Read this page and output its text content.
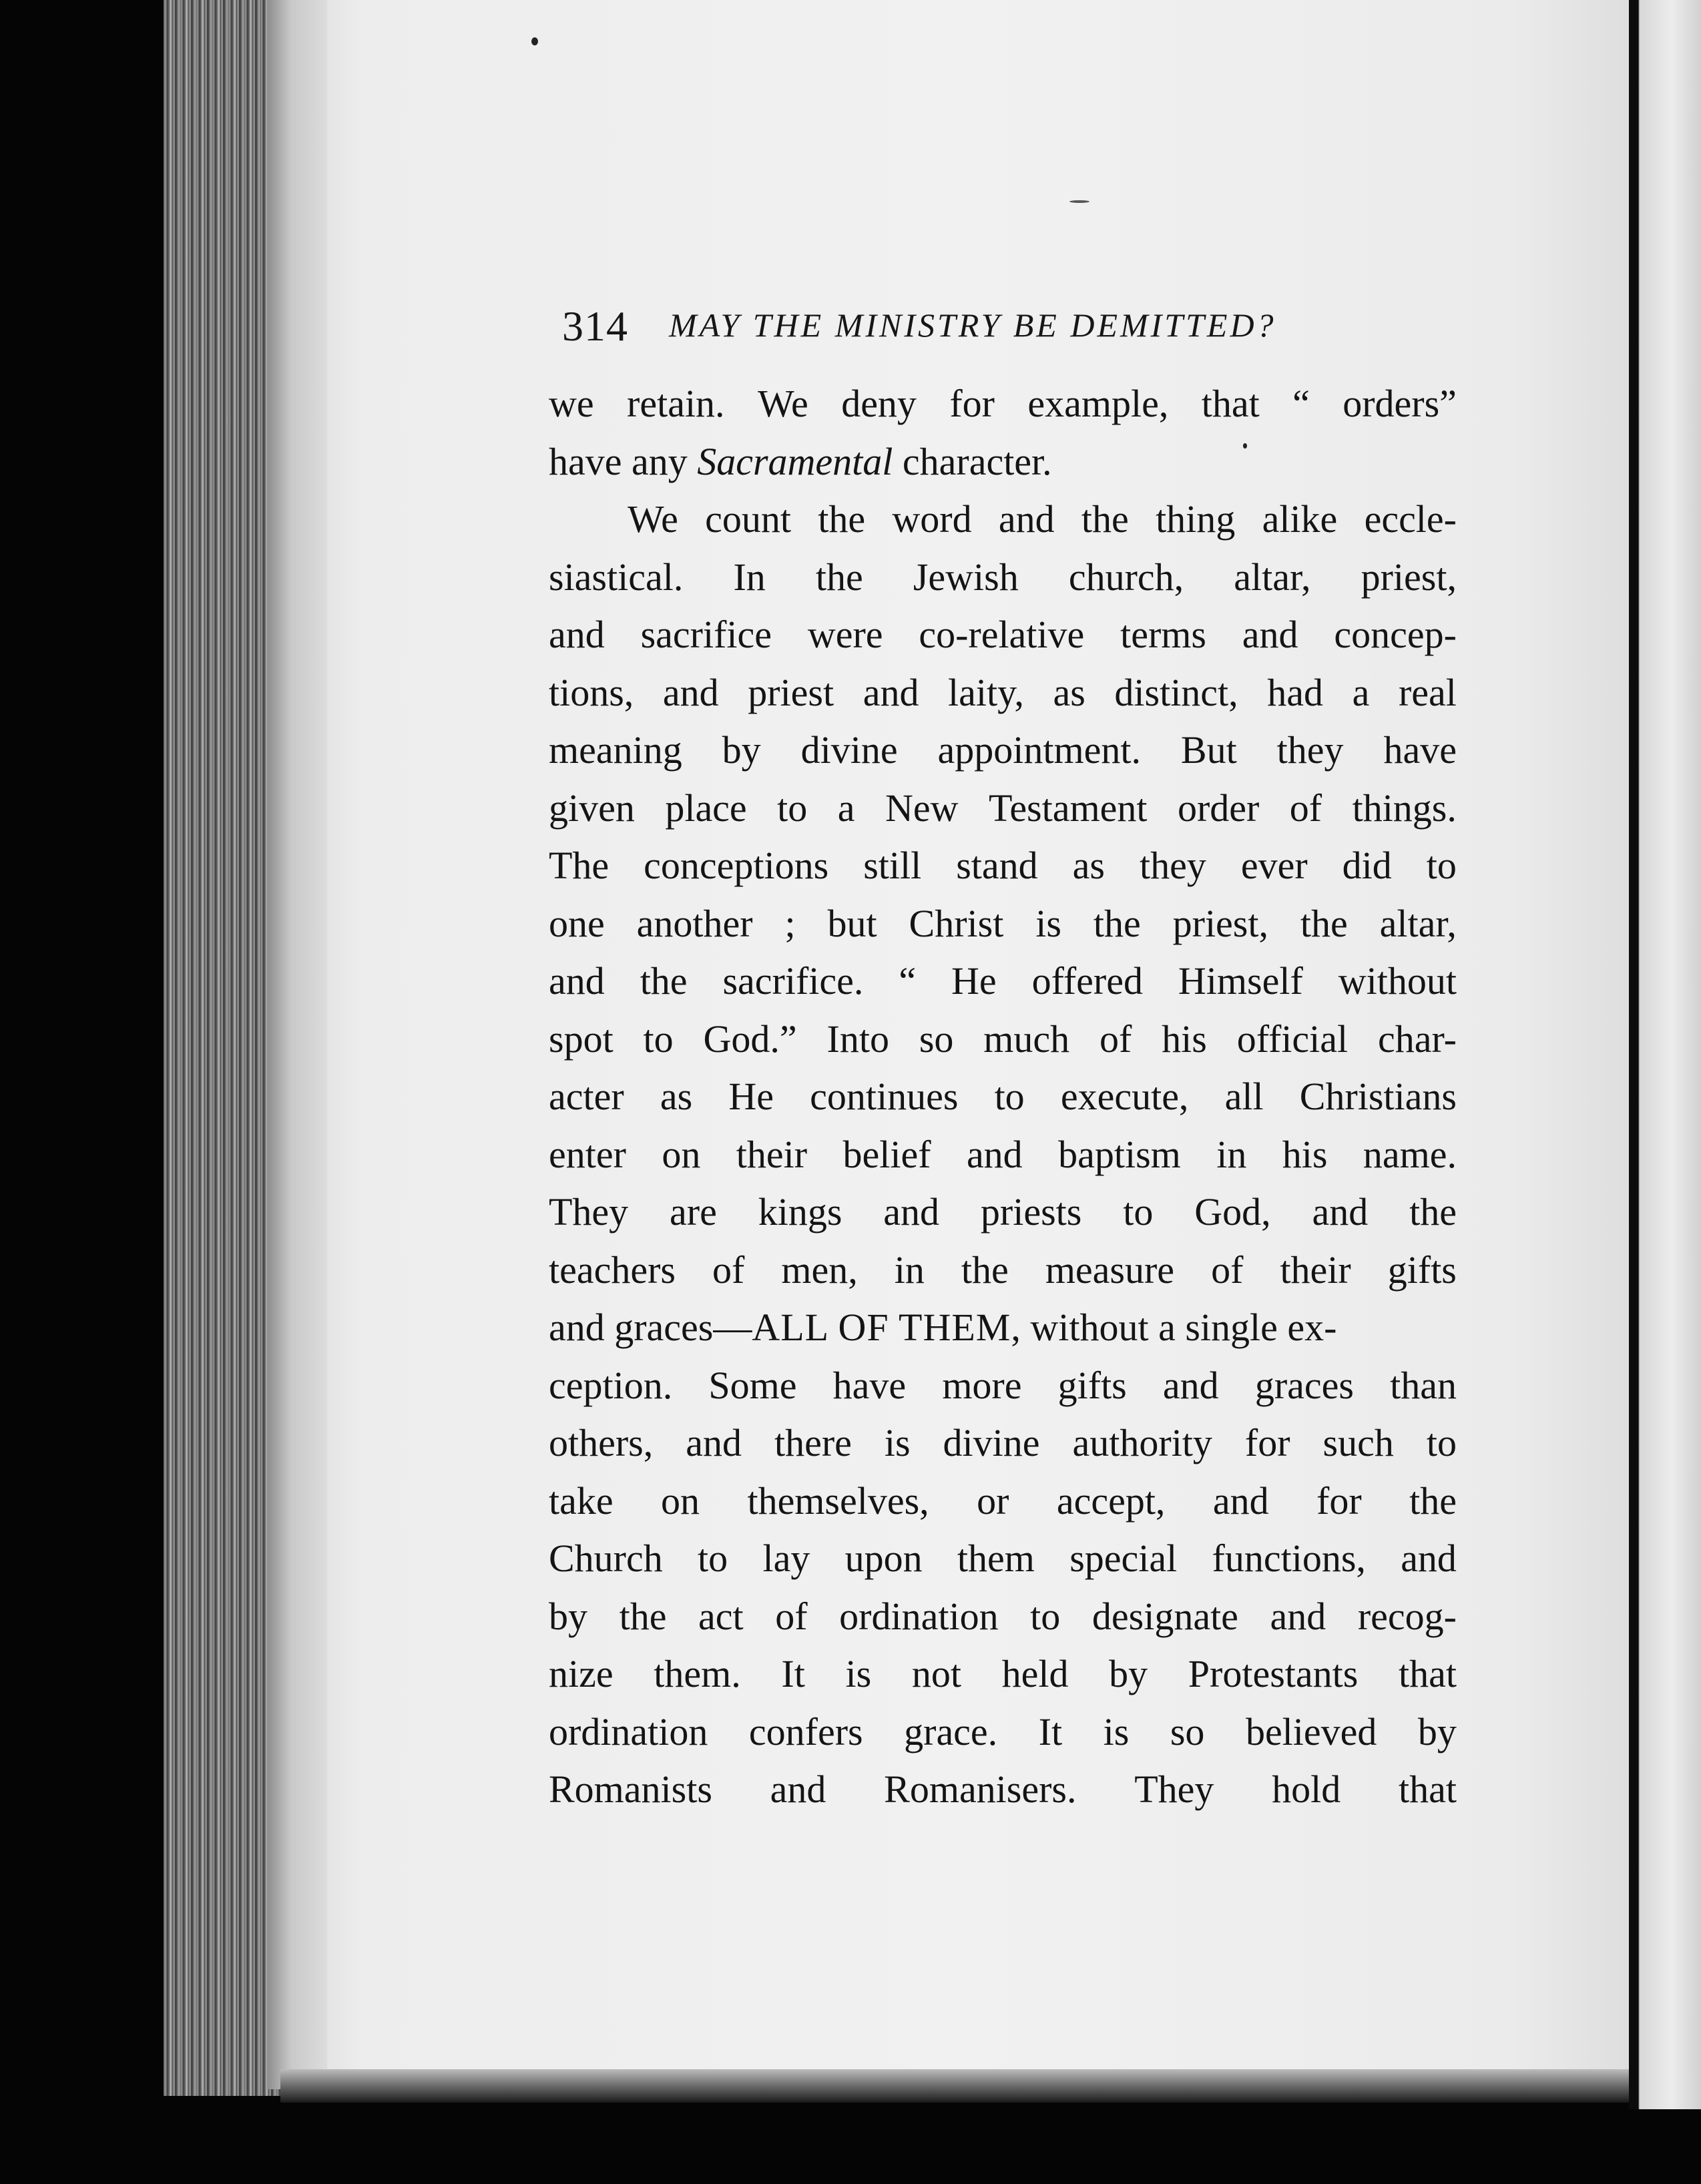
314 MAY THE MINISTRY BE DEMITTED?
we retain. We deny for example, that “ orders”
have any Sacramental character.
We count the word and the thing alike eccle-
siastical. In the Jewish church, altar, priest,
and sacrifice were co-relative terms and concep-
tions, and priest and laity, as distinct, had a real
meaning by divine appointment. But they have
given place to a New Testament order of things.
The conceptions still stand as they ever did to
one another ; but Christ is the priest, the altar,
and the sacrifice. “ He offered Himself without
spot to God.” Into so much of his official char-
acter as He continues to execute, all Christians
enter on their belief and baptism in his name.
They are kings and priests to God, and the
teachers of men, in the measure of their gifts
and graces— ALL OF THEM , without a single ex-
ception. Some have more gifts and graces than
others, and there is divine authority for such to
take on themselves, or accept, and for the
Church to lay upon them special functions, and
by the act of ordination to designate and recog-
nize them. It is not held by Protestants that
ordination confers grace. It is so believed by
Romanists and Romanisers. They hold that
